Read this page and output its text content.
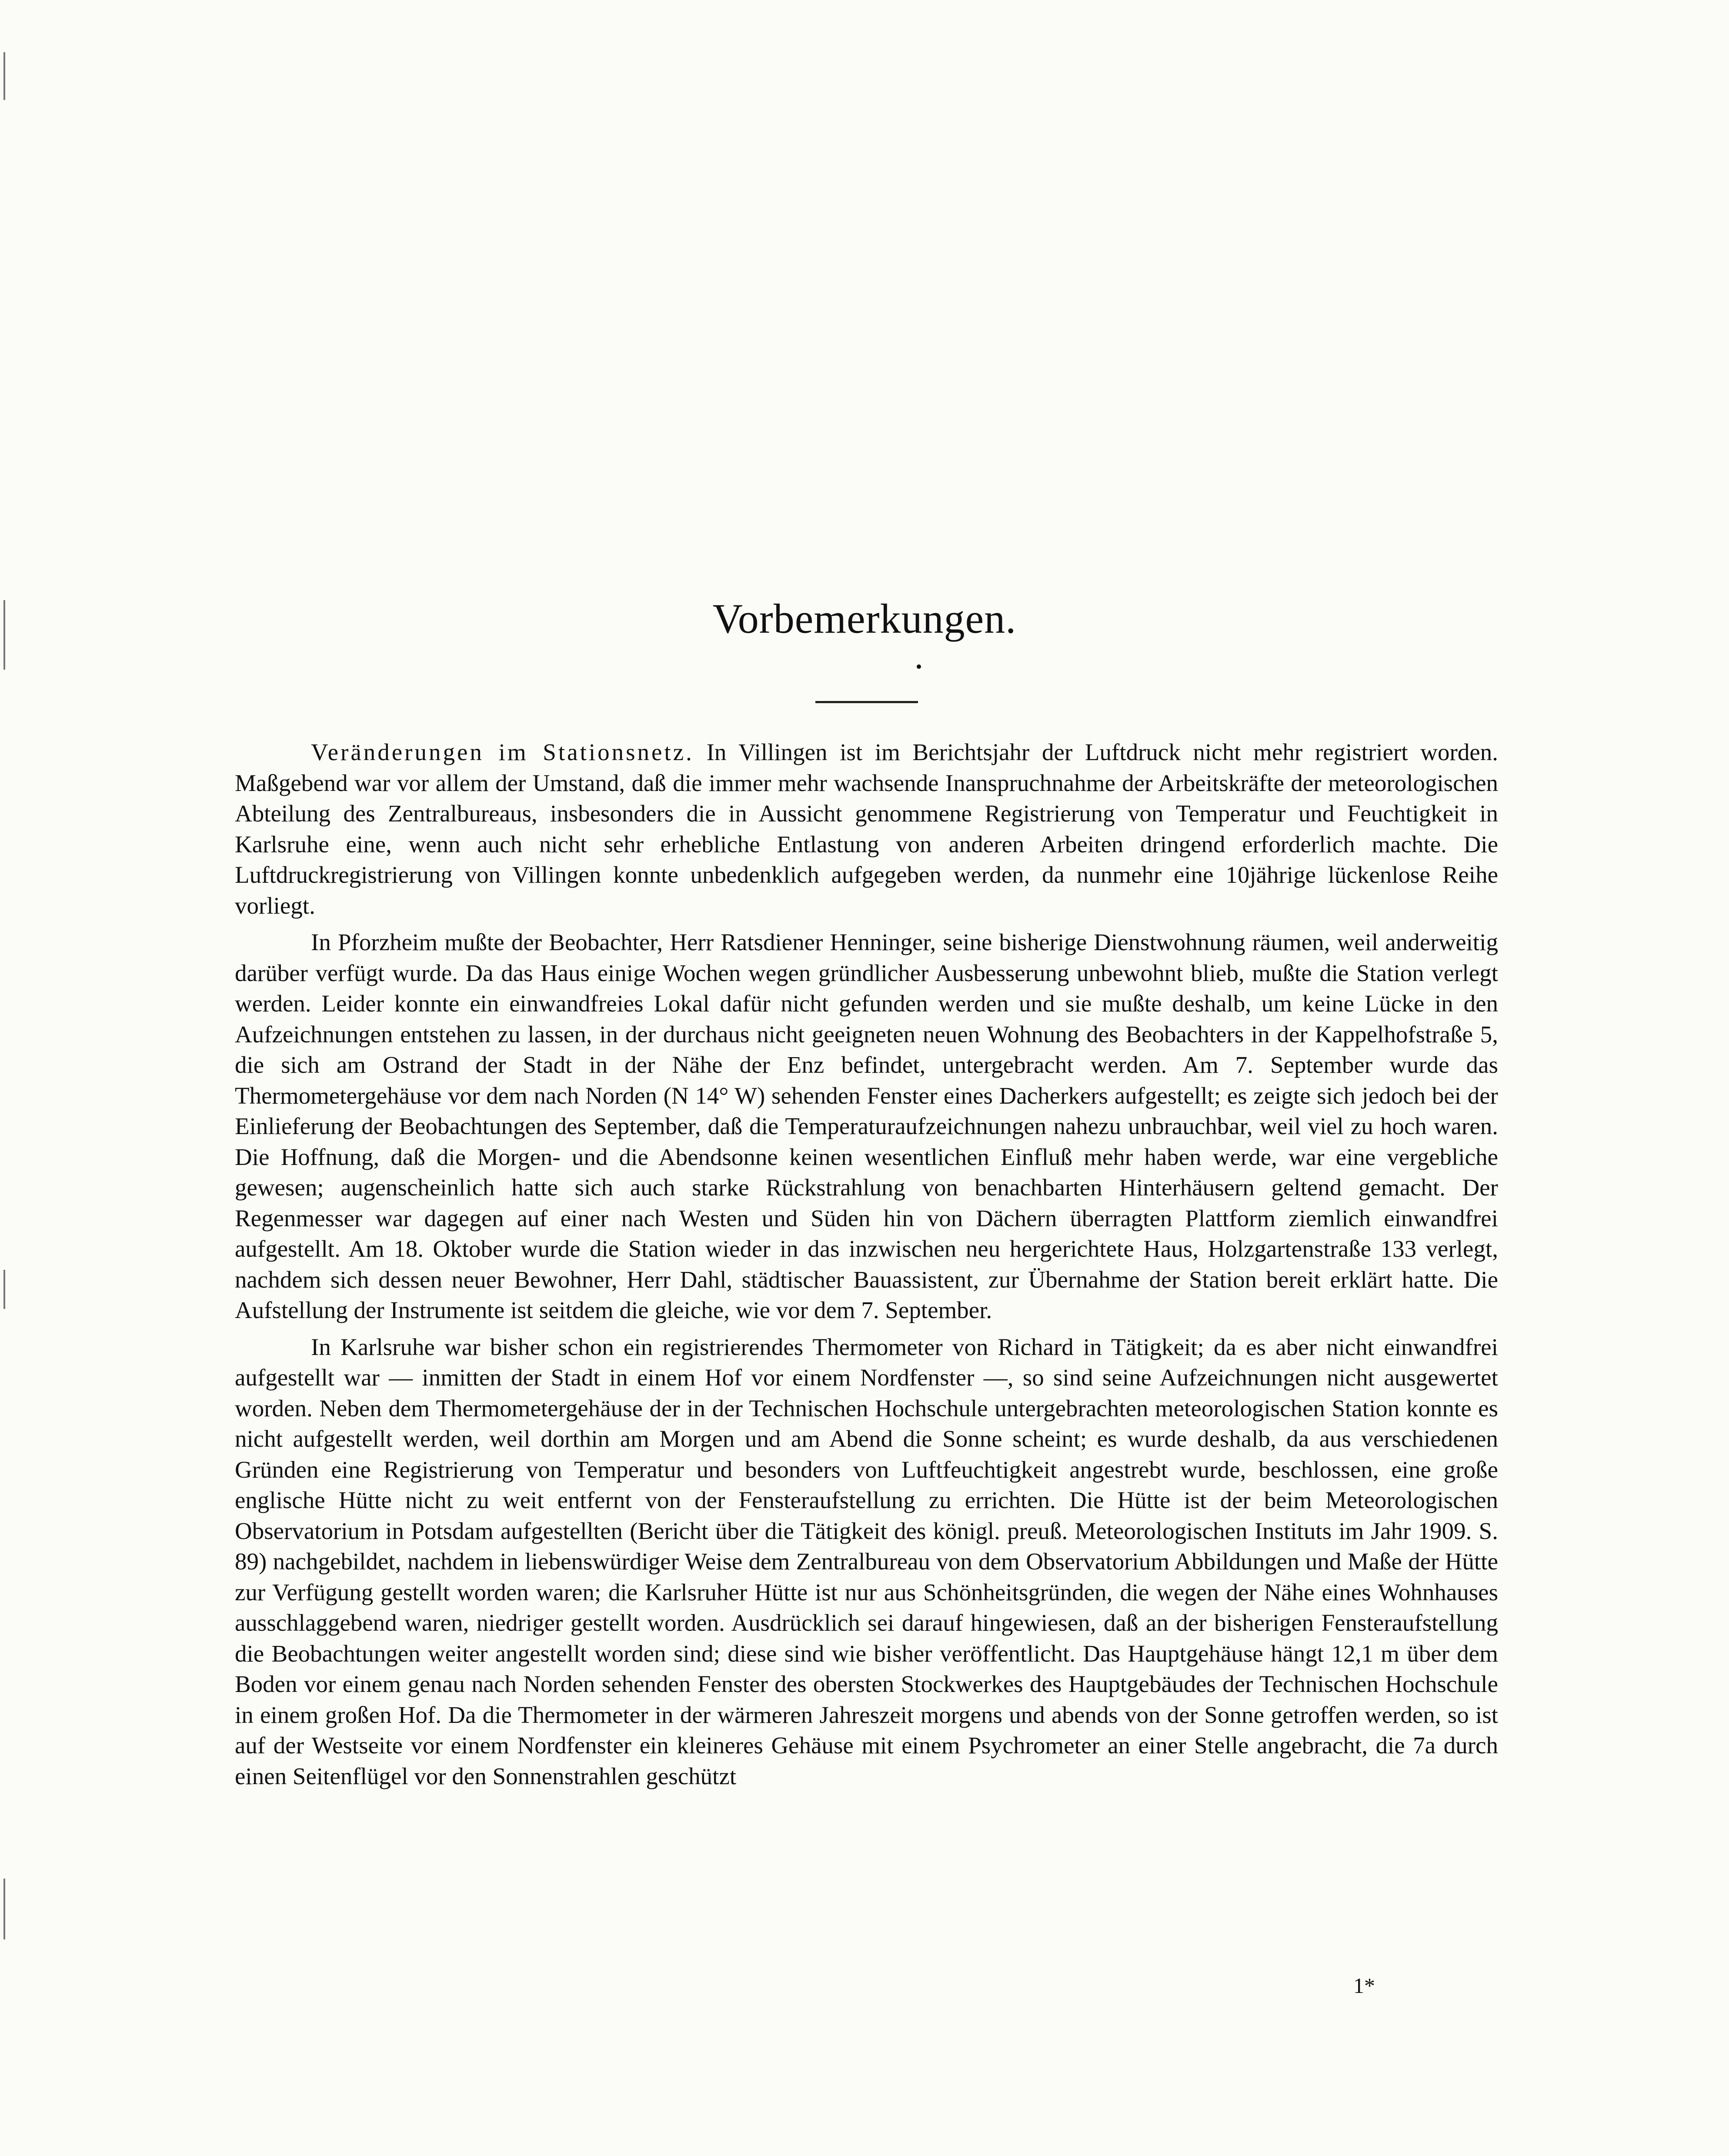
Vorbemerkungen.

Veränderungen im Stationsnetz. In Villingen ist im Berichtsjahr der Luftdruck nicht mehr registriert worden. Maßgebend war vor allem der Umstand, daß die immer mehr wachsende Inanspruchnahme der Arbeitskräfte der meteorologischen Abteilung des Zentralbureaus, insbesonders die in Aussicht genommene Registrierung von Temperatur und Feuchtigkeit in Karlsruhe eine, wenn auch nicht sehr erhebliche Entlastung von anderen Arbeiten dringend erforderlich machte. Die Luftdruckregistrierung von Villingen konnte unbedenklich aufgegeben werden, da nunmehr eine 10jährige lückenlose Reihe vorliegt.

In Pforzheim mußte der Beobachter, Herr Ratsdiener Henninger, seine bisherige Dienstwohnung räumen, weil anderweitig darüber verfügt wurde. Da das Haus einige Wochen wegen gründlicher Ausbesserung unbewohnt blieb, mußte die Station verlegt werden. Leider konnte ein einwandfreies Lokal dafür nicht gefunden werden und sie mußte deshalb, um keine Lücke in den Aufzeichnungen entstehen zu lassen, in der durchaus nicht geeigneten neuen Wohnung des Beobachters in der Kappelhofstraße 5, die sich am Ostrand der Stadt in der Nähe der Enz befindet, untergebracht werden. Am 7. September wurde das Thermometergehäuse vor dem nach Norden (N 14° W) sehenden Fenster eines Dacherkers aufgestellt; es zeigte sich jedoch bei der Einlieferung der Beobachtungen des September, daß die Temperaturaufzeichnungen nahezu unbrauchbar, weil viel zu hoch waren. Die Hoffnung, daß die Morgen- und die Abendsonne keinen wesentlichen Einfluß mehr haben werde, war eine vergebliche gewesen; augenscheinlich hatte sich auch starke Rückstrahlung von benachbarten Hinterhäusern geltend gemacht. Der Regenmesser war dagegen auf einer nach Westen und Süden hin von Dächern überragten Plattform ziemlich einwandfrei aufgestellt. Am 18. Oktober wurde die Station wieder in das inzwischen neu hergerichtete Haus, Holzgartenstraße 133 verlegt, nachdem sich dessen neuer Bewohner, Herr Dahl, städtischer Bauassistent, zur Übernahme der Station bereit erklärt hatte. Die Aufstellung der Instrumente ist seitdem die gleiche, wie vor dem 7. September.

In Karlsruhe war bisher schon ein registrierendes Thermometer von Richard in Tätigkeit; da es aber nicht einwandfrei aufgestellt war — inmitten der Stadt in einem Hof vor einem Nordfenster —, so sind seine Aufzeichnungen nicht ausgewertet worden. Neben dem Thermometergehäuse der in der Technischen Hochschule untergebrachten meteorologischen Station konnte es nicht aufgestellt werden, weil dorthin am Morgen und am Abend die Sonne scheint; es wurde deshalb, da aus verschiedenen Gründen eine Registrierung von Temperatur und besonders von Luftfeuchtigkeit angestrebt wurde, beschlossen, eine große englische Hütte nicht zu weit entfernt von der Fensteraufstellung zu errichten. Die Hütte ist der beim Meteorologischen Observatorium in Potsdam aufgestellten (Bericht über die Tätigkeit des königl. preuß. Meteorologischen Instituts im Jahr 1909. S. 89) nachgebildet, nachdem in liebenswürdiger Weise dem Zentralbureau von dem Observatorium Abbildungen und Maße der Hütte zur Verfügung gestellt worden waren; die Karlsruher Hütte ist nur aus Schönheitsgründen, die wegen der Nähe eines Wohnhauses ausschlaggebend waren, niedriger gestellt worden. Ausdrücklich sei darauf hingewiesen, daß an der bisherigen Fensteraufstellung die Beobachtungen weiter angestellt worden sind; diese sind wie bisher veröffentlicht. Das Hauptgehäuse hängt 12,1 m über dem Boden vor einem genau nach Norden sehenden Fenster des obersten Stockwerkes des Hauptgebäudes der Technischen Hochschule in einem großen Hof. Da die Thermometer in der wärmeren Jahreszeit morgens und abends von der Sonne getroffen werden, so ist auf der Westseite vor einem Nordfenster ein kleineres Gehäuse mit einem Psychrometer an einer Stelle angebracht, die 7a durch einen Seitenflügel vor den Sonnenstrahlen geschützt

1*
